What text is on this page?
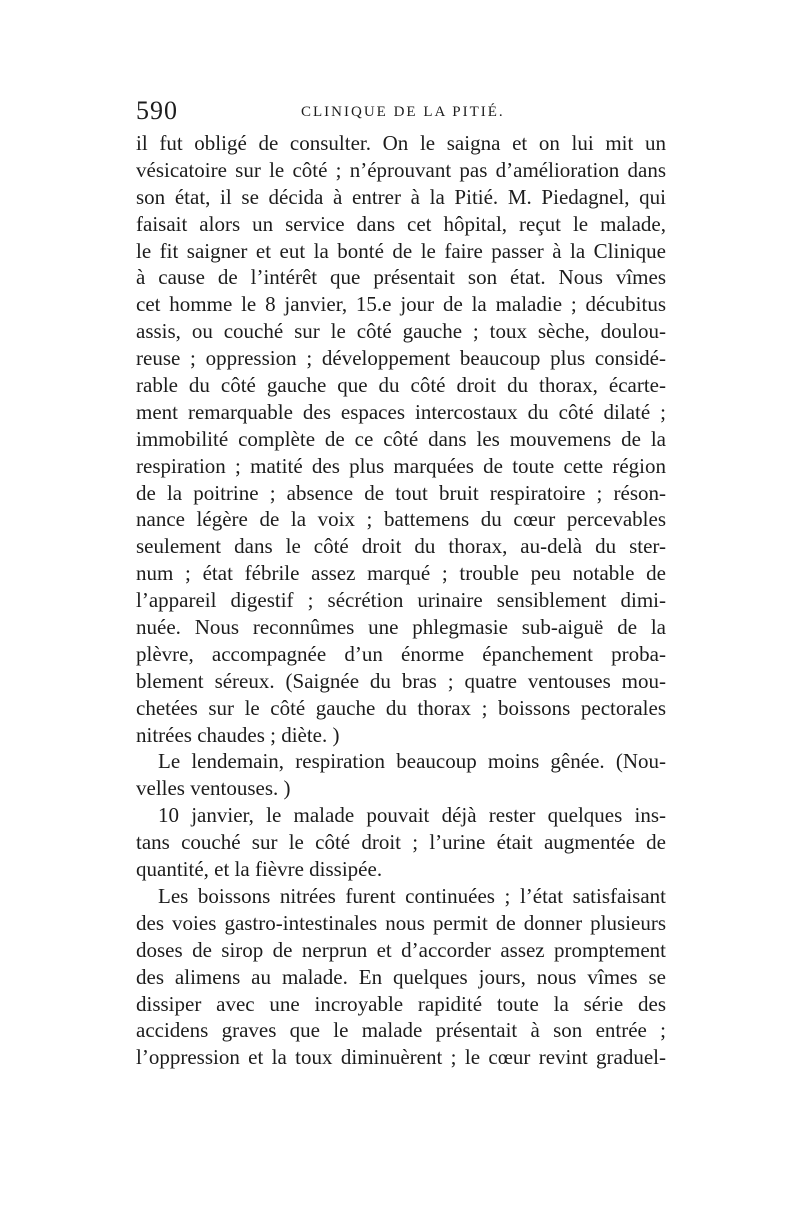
590	CLINIQUE DE LA PITIÉ.
il fut obligé de consulter. On le saigna et on lui mit un
vésicatoire sur le côté ; n’éprouvant pas d’amélioration dans
son état, il se décida à entrer à la Pitié. M. Piedagnel, qui
faisait alors un service dans cet hôpital, reçut le malade,
le fit saigner et eut la bonté de le faire passer à la Clinique
à cause de l’intérêt que présentait son état. Nous vîmes
cet homme le 8 janvier, 15.e jour de la maladie ; décubitus
assis, ou couché sur le côté gauche ; toux sèche, doulou-
reuse ; oppression ; développement beaucoup plus considé-
rable du côté gauche que du côté droit du thorax, écarte-
ment remarquable des espaces intercostaux du côté dilaté ;
immobilité complète de ce côté dans les mouvemens de la
respiration ; matité des plus marquées de toute cette région
de la poitrine ; absence de tout bruit respiratoire ; réson-
nance légère de la voix ; battemens du cœur percevables
seulement dans le côté droit du thorax, au-delà du ster-
num ; état fébrile assez marqué ; trouble peu notable de
l’appareil digestif ; sécrétion urinaire sensiblement dimi-
nuée. Nous reconnûmes une phlegmasie sub-aiguë de la
plèvre, accompagnée d’un énorme épanchement proba-
blement séreux. (Saignée du bras ; quatre ventouses mou-
chetées sur le côté gauche du thorax ; boissons pectorales
nitrées chaudes ; diète. )
Le lendemain, respiration beaucoup moins gênée. (Nou-
velles ventouses. )
10 janvier, le malade pouvait déjà rester quelques ins-
tans couché sur le côté droit ; l’urine était augmentée de
quantité, et la fièvre dissipée.
Les boissons nitrées furent continuées ; l’état satisfaisant
des voies gastro-intestinales nous permit de donner plusieurs
doses de sirop de nerprun et d’accorder assez promptement
des alimens au malade. En quelques jours, nous vîmes se
dissiper avec une incroyable rapidité toute la série des
accidens graves que le malade présentait à son entrée ;
l’oppression et la toux diminuèrent ; le cœur revint graduel-
